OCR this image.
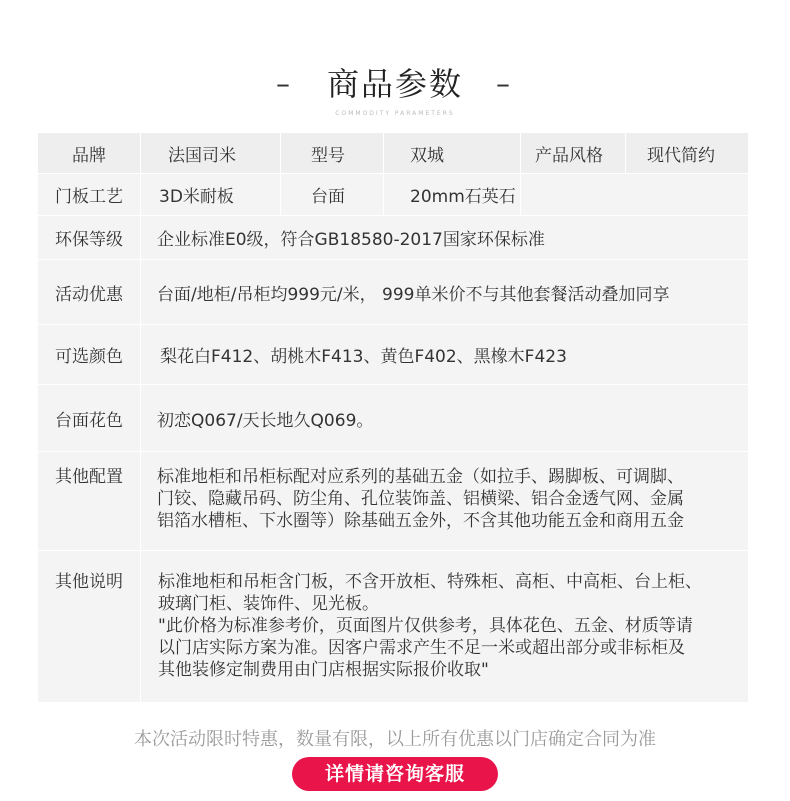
–	商品参数	–
COMMODITY PARAMETERS
品牌	法国司米	型号	双城	产品风格	现代简约
门板工艺	3D米耐板	台面	20mm石英石
环保等级	企业标准E0级，符合GB18580-2017国家环保标准
活动优惠	台面/地柜/吊柜均999元/米， 999单米价不与其他套餐活动叠加同享
可选颜色	梨花白F412、胡桃木F413、黄色F402、黑橡木F423
台面花色	初恋Q067/天长地久Q069。
其他配置	标准地柜和吊柜标配对应系列的基础五金（如拉手、踢脚板、可调脚、
门铰、隐藏吊码、防尘角、孔位装饰盖、铝横梁、铝合金透气网、金属
铝箔水槽柜、下水圈等）除基础五金外，不含其他功能五金和商用五金
其他说明	标准地柜和吊柜含门板，不含开放柜、特殊柜、高柜、中高柜、台上柜、
玻璃门柜、装饰件、见光板。
"此价格为标准参考价，页面图片仅供参考，具体花色、五金、材质等请
以门店实际方案为准。因客户需求产生不足一米或超出部分或非标柜及
其他装修定制费用由门店根据实际报价收取"
本次活动限时特惠，数量有限，以上所有优惠以门店确定合同为准
详情请咨询客服
